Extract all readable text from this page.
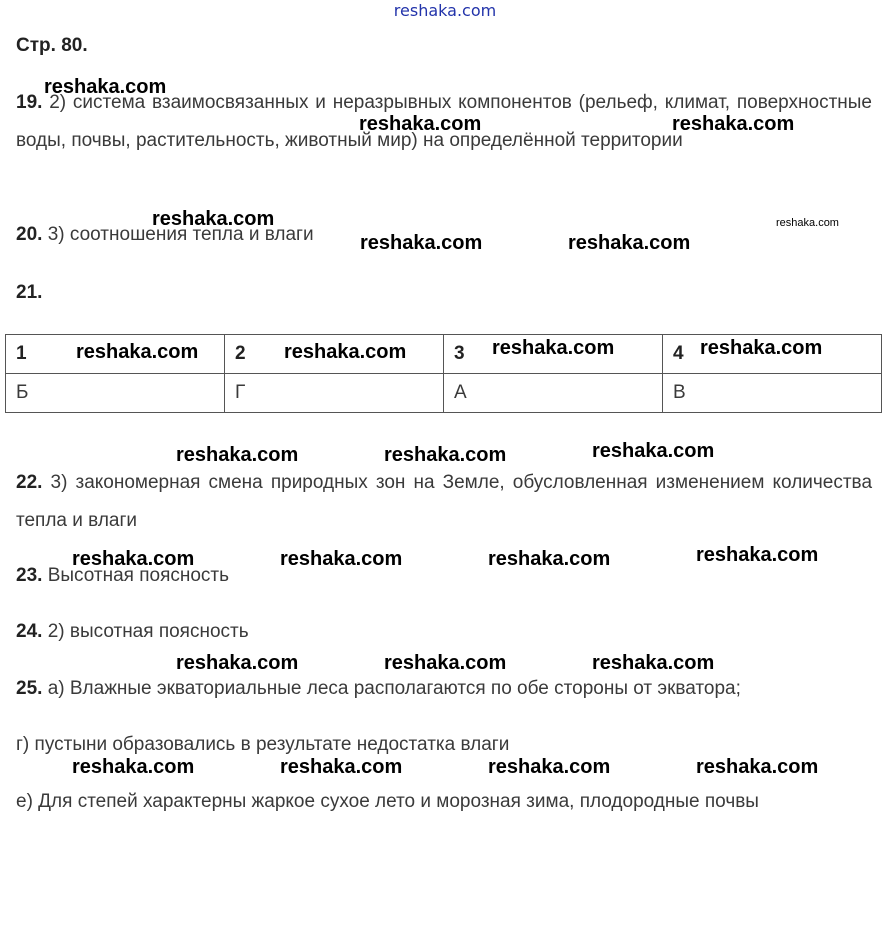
reshaka.com
Стр. 80.
19. 2) система взаимосвязанных и неразрывных компонентов (рельеф, климат, поверхностные воды, почвы, растительность, животный мир) на определённой территории
20. 3) соотношения тепла и влаги
21.
1	2	3	4
Б	Г	А	В
22. 3) закономерная смена природных зон на Земле, обусловленная изменением количества тепла и влаги
23. Высотная поясность
24. 2) высотная поясность
25. а) Влажные экваториальные леса располагаются по обе стороны от экватора;
г) пустыни образовались в результате недостатка влаги
е) Для степей характерны жаркое сухое лето и морозная зима, плодородные почвы
reshaka.com
reshaka.com	reshaka.com
reshaka.com	reshaka.com
reshaka.com	reshaka.com
reshaka.com	reshaka.com	reshaka.com	reshaka.com
reshaka.com	reshaka.com	reshaka.com
reshaka.com	reshaka.com	reshaka.com	reshaka.com
reshaka.com	reshaka.com	reshaka.com
reshaka.com	reshaka.com	reshaka.com	reshaka.com
